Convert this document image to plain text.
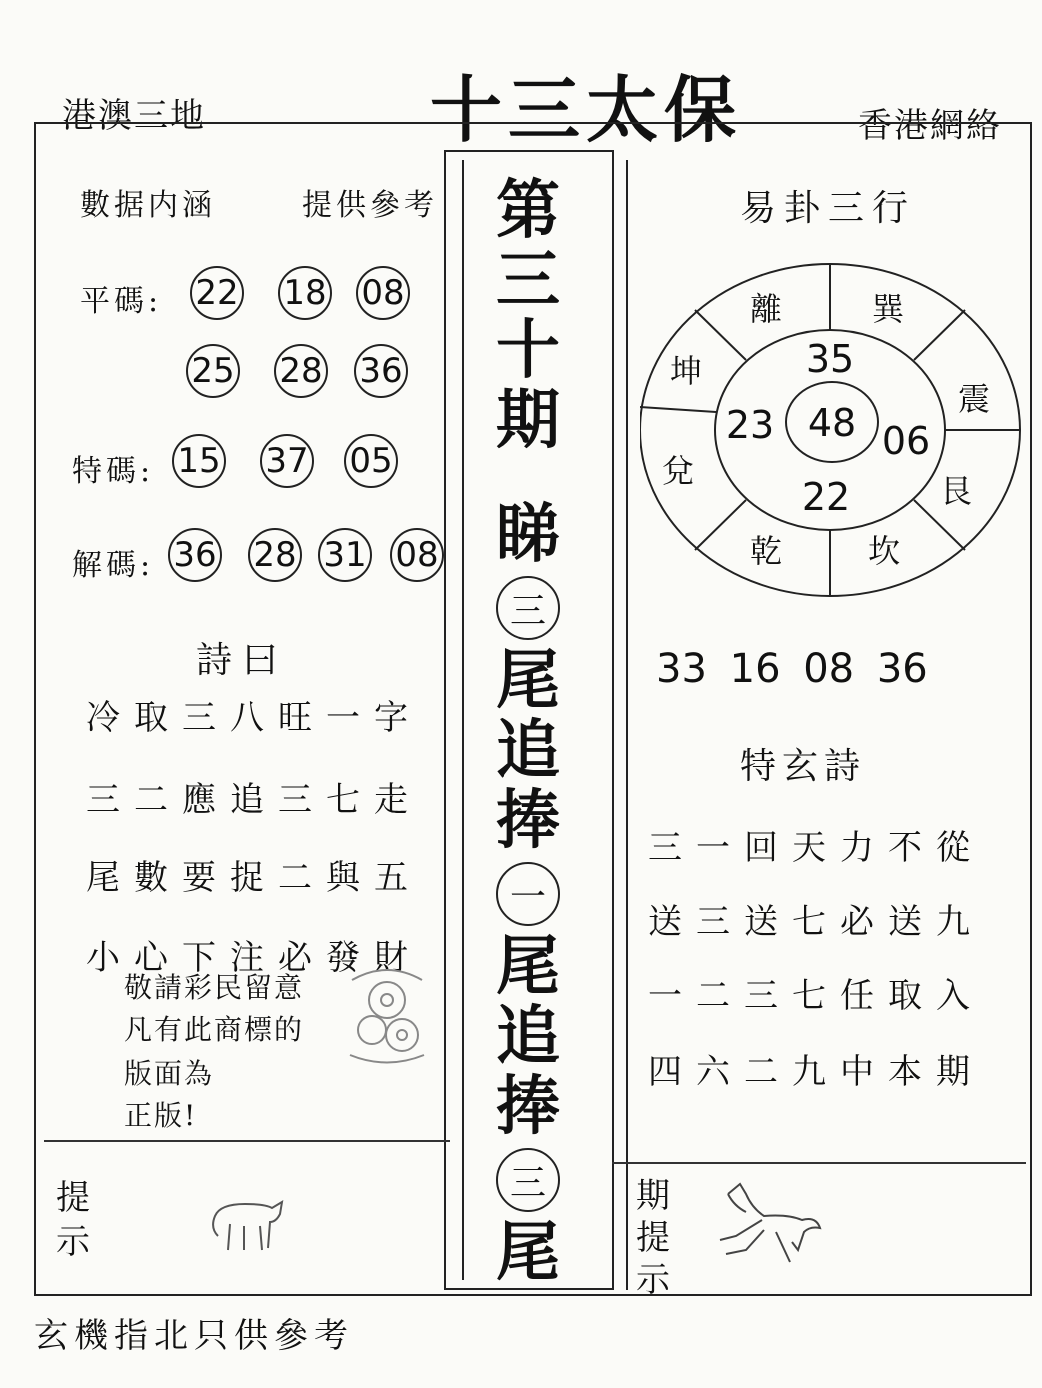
港澳三地	十三太保	香港網絡
數据内涵	提供參考
平碼: 22 18 08
25 28 36
特碼: 15 37 05
解碼: 36 28 31 08
詩曰
冷取三八旺一字
三二應追三七走
尾數要捉二與五
小心下注必發財
敬請彩民留意
凡有此商標的
版面為
正版!
提
示
第
三
十
期
睇
三
尾
追
捧
一
尾
追
捧
三
尾
易卦三行
離	巽
震
艮
坎
乾
兌
坤	35
23 48 06
22
33 16 08 36
特玄詩
三一回天力不從
送三送七必送九
一二三七任取入
四六二九中本期
期
提
示
玄機指北只供參考
